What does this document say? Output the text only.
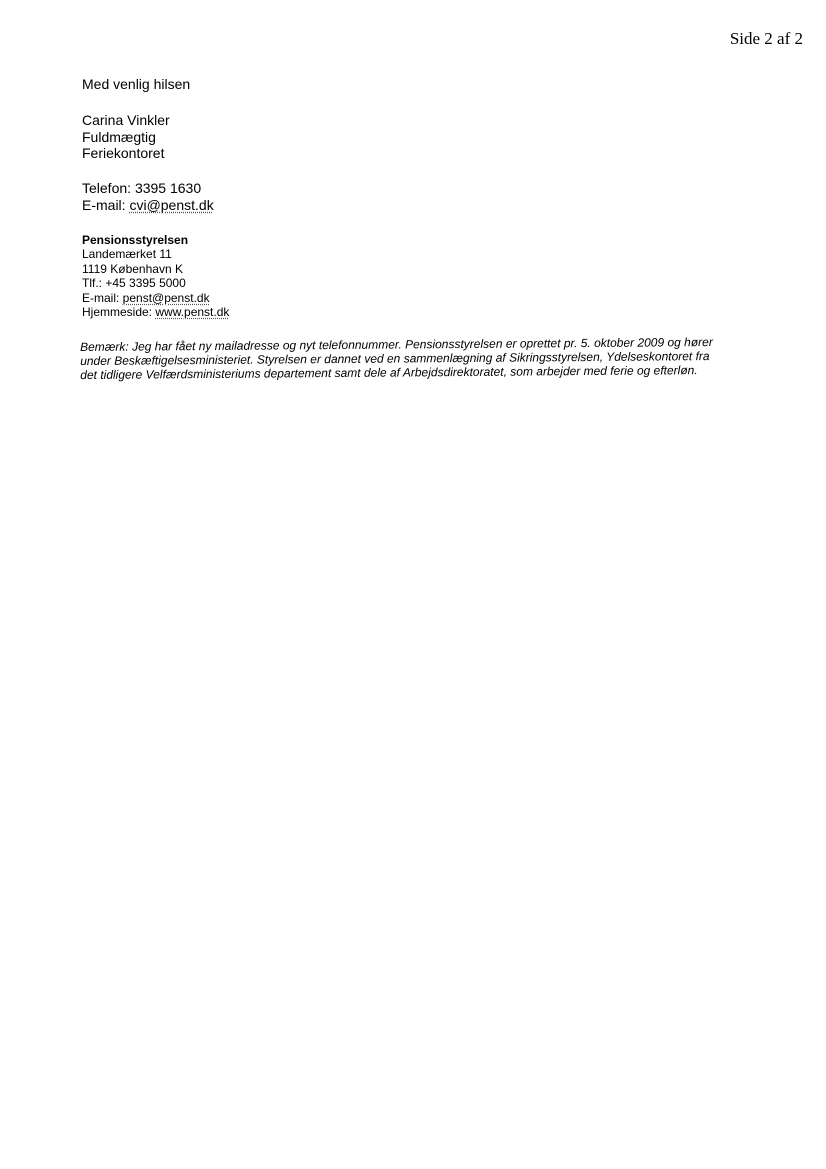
Side 2 af 2
Med venlig hilsen
Carina Vinkler
Fuldmægtig
Feriekontoret
Telefon: 3395 1630
E-mail: cvi@penst.dk
Pensionsstyrelsen
Landemærket 11
1119 København K
Tlf.: +45 3395 5000
E-mail: penst@penst.dk
Hjemmeside: www.penst.dk
Bemærk: Jeg har fået ny mailadresse og nyt telefonnummer. Pensionsstyrelsen er oprettet pr. 5. oktober 2009 og hører
under Beskæftigelsesministeriet. Styrelsen er dannet ved en sammenlægning af Sikringsstyrelsen, Ydelseskontoret fra
det tidligere Velfærdsministeriums departement samt dele af Arbejdsdirektoratet, som arbejder med ferie og efterløn.
